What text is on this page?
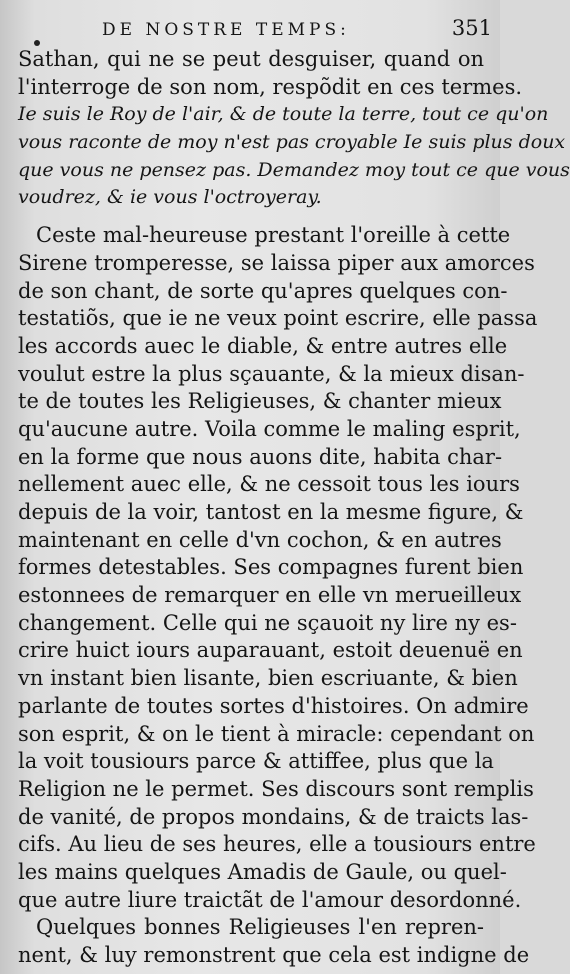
DE NOSTRE TEMPS:	351
Sathan, qui ne se peut desguiser, quand on
l'interroge de son nom, respõdit en ces termes.
Ie suis le Roy de l'air, & de toute la terre, tout ce qu'on
vous raconte de moy n'est pas croyable Ie suis plus doux
que vous ne pensez pas. Demandez moy tout ce que vous
voudrez, & ie vous l'octroyeray.
Ceste mal-heureuse prestant l'oreille à cette
Sirene tromperesse, se laissa piper aux amorces
de son chant, de sorte qu'apres quelques con-
testatiõs, que ie ne veux point escrire, elle passa
les accords auec le diable, & entre autres elle
voulut estre la plus sçauante, & la mieux disan-
te de toutes les Religieuses, & chanter mieux
qu'aucune autre. Voila comme le maling esprit,
en la forme que nous auons dite, habita char-
nellement auec elle, & ne cessoit tous les iours
depuis de la voir, tantost en la mesme figure, &
maintenant en celle d'vn cochon, & en autres
formes detestables. Ses compagnes furent bien
estonnees de remarquer en elle vn merueilleux
changement. Celle qui ne sçauoit ny lire ny es-
crire huict iours auparauant, estoit deuenuë en
vn instant bien lisante, bien escriuante, & bien
parlante de toutes sortes d'histoires. On admire
son esprit, & on le tient à miracle: cependant on
la voit tousiours parce & attiffee, plus que la
Religion ne le permet. Ses discours sont remplis
de vanité, de propos mondains, & de traicts las-
cifs. Au lieu de ses heures, elle a tousiours entre
les mains quelques Amadis de Gaule, ou quel-
que autre liure traictãt de l'amour desordonné.
Quelques bonnes Religieuses l'en repren-
nent, & luy remonstrent que cela est indigne de
